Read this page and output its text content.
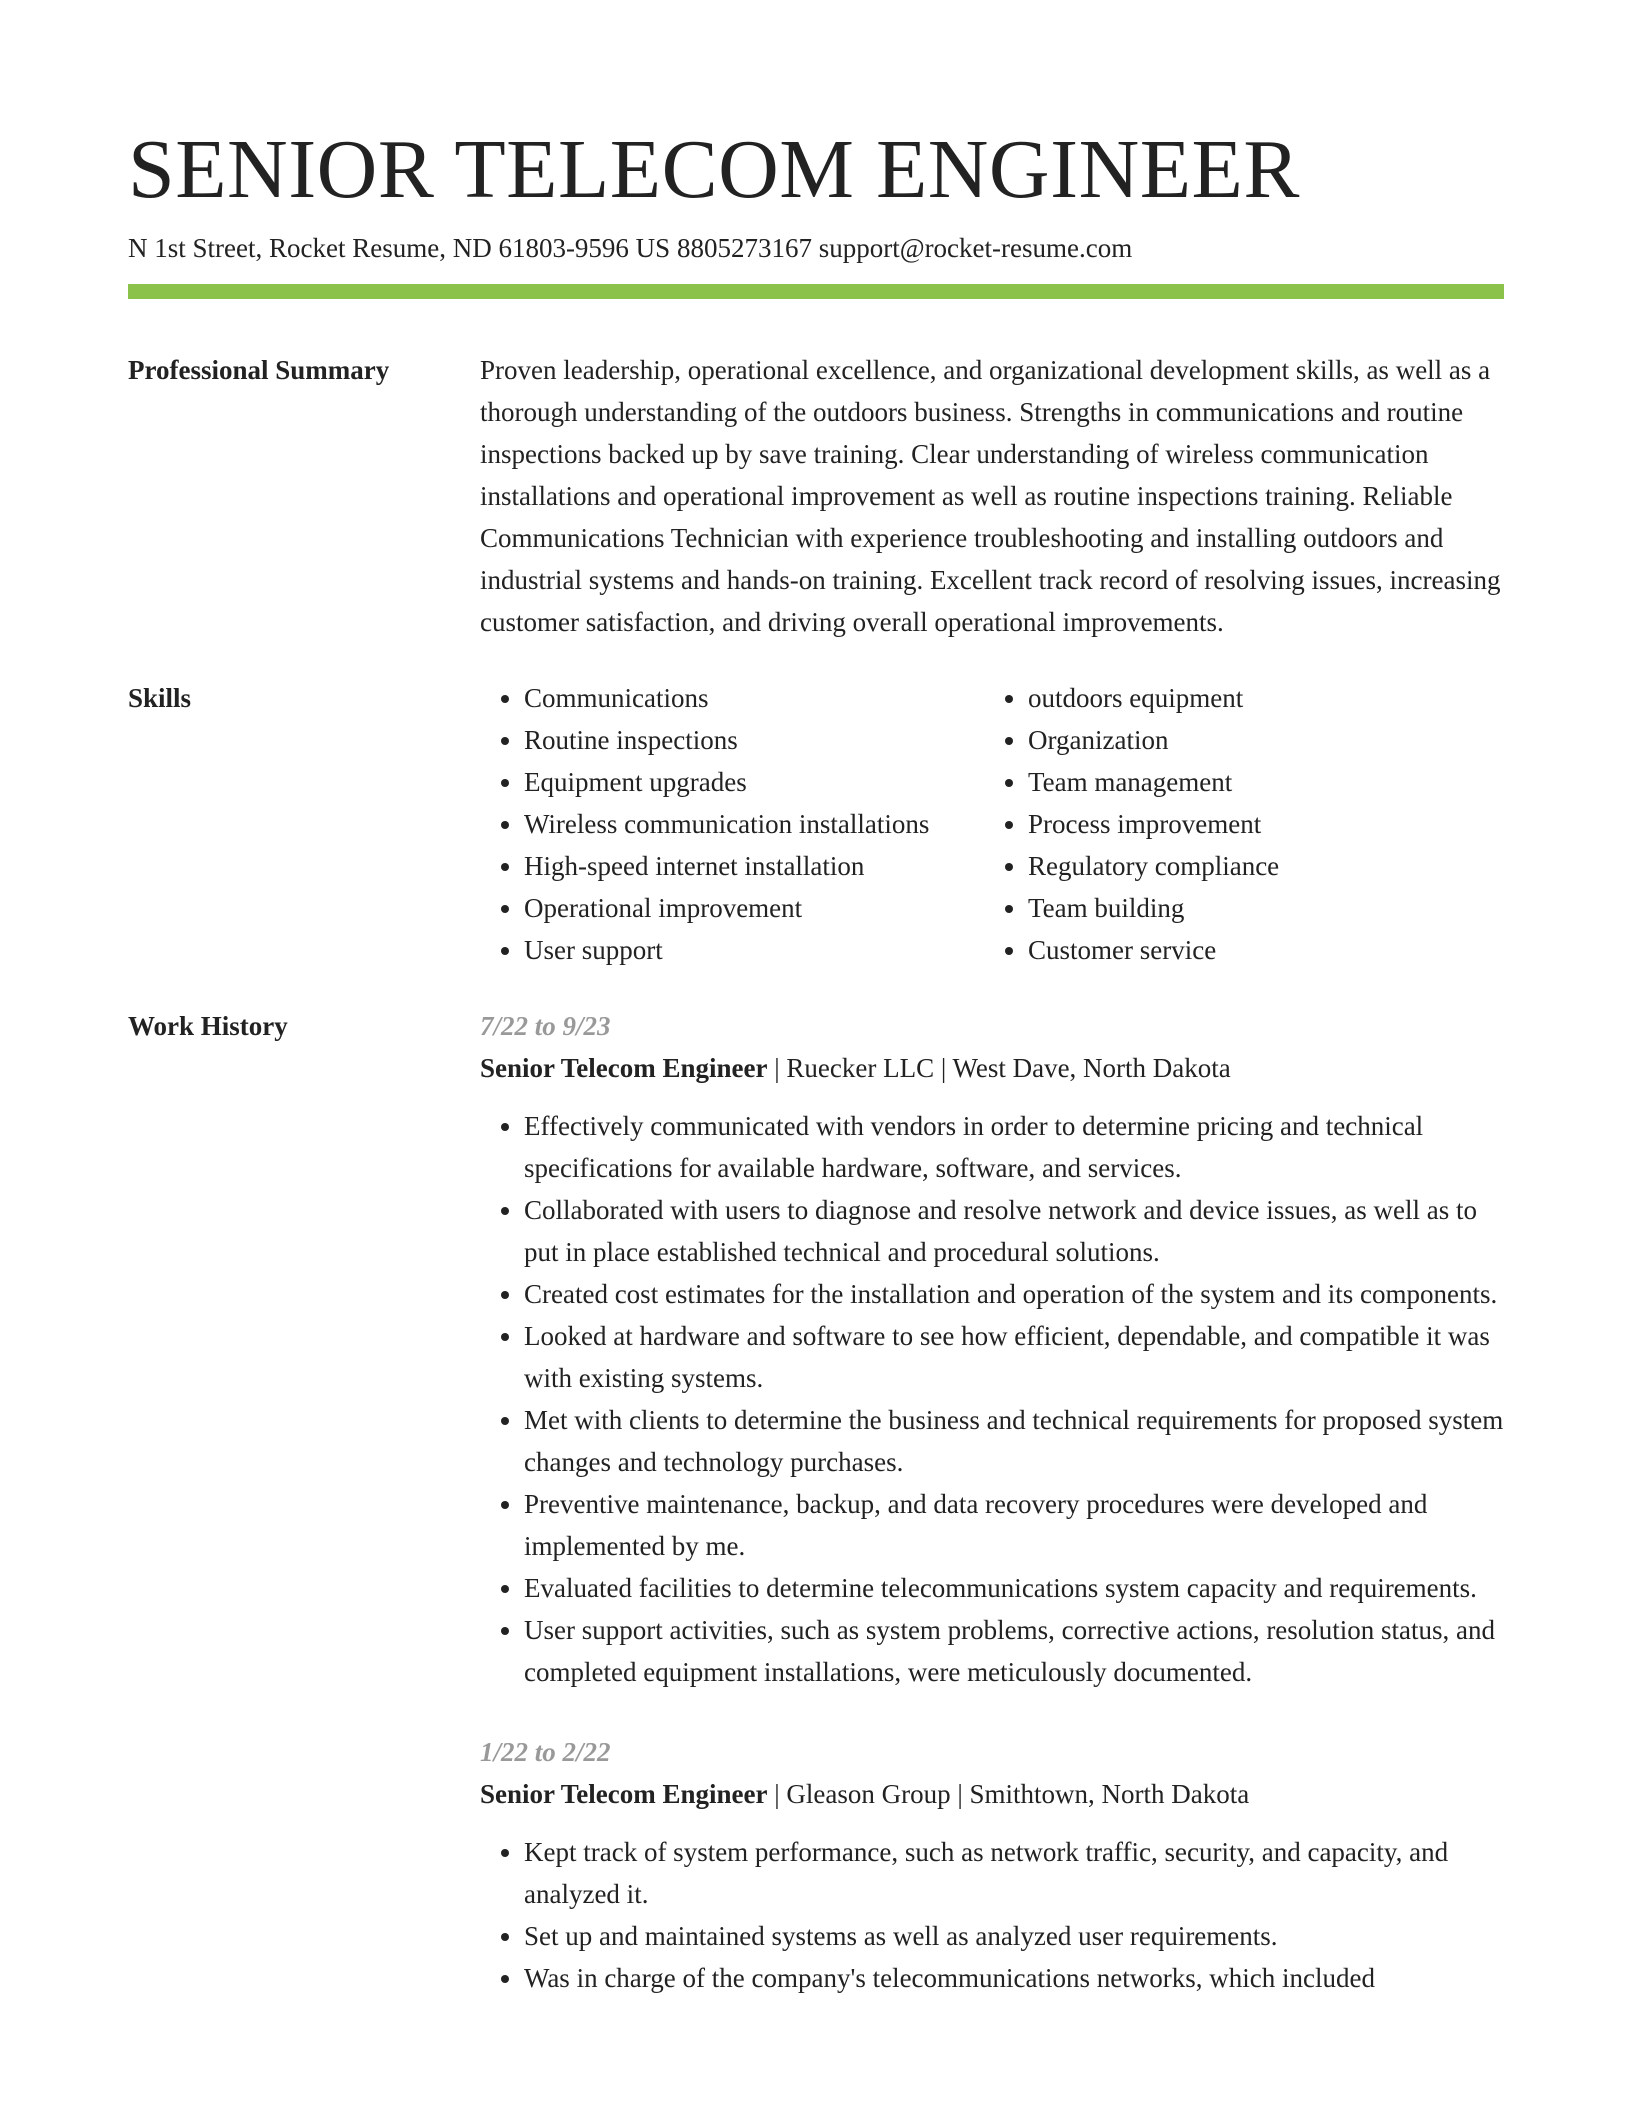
SENIOR TELECOM ENGINEER
N 1st Street, Rocket Resume, ND 61803-9596 US 8805273167 support@rocket-resume.com
Professional Summary	Proven leadership, operational excellence, and organizational development skills, as well as a thorough understanding of the outdoors business. Strengths in communications and routine inspections backed up by save training. Clear understanding of wireless communication installations and operational improvement as well as routine inspections training. Reliable Communications Technician with experience troubleshooting and installing outdoors and industrial systems and hands-on training. Excellent track record of resolving issues, increasing customer satisfaction, and driving overall operational improvements.

Skills
•	Communications
• Routine inspections
• Equipment upgrades
• Wireless communication installations
• High-speed internet installation
• Operational improvement
• User support
• outdoors equipment
• Organization
• Team management
• Process improvement
• Regulatory compliance
• Team building
• Customer service
Work History	7/22 to 9/23
Senior Telecom Engineer | Ruecker LLC | West Dave, North Dakota
• Effectively communicated with vendors in order to determine pricing and technical specifications for available hardware, software, and services.
• Collaborated with users to diagnose and resolve network and device issues, as well as to put in place established technical and procedural solutions.
• Created cost estimates for the installation and operation of the system and its components.
• Looked at hardware and software to see how efficient, dependable, and compatible it was with existing systems.
• Met with clients to determine the business and technical requirements for proposed system changes and technology purchases.
• Preventive maintenance, backup, and data recovery procedures were developed and implemented by me.
• Evaluated facilities to determine telecommunications system capacity and requirements.
• User support activities, such as system problems, corrective actions, resolution status, and completed equipment installations, were meticulously documented.
1/22 to 2/22
Senior Telecom Engineer | Gleason Group | Smithtown, North Dakota
• Kept track of system performance, such as network traffic, security, and capacity, and analyzed it.
• Set up and maintained systems as well as analyzed user requirements.
• Was in charge of the company's telecommunications networks, which included
